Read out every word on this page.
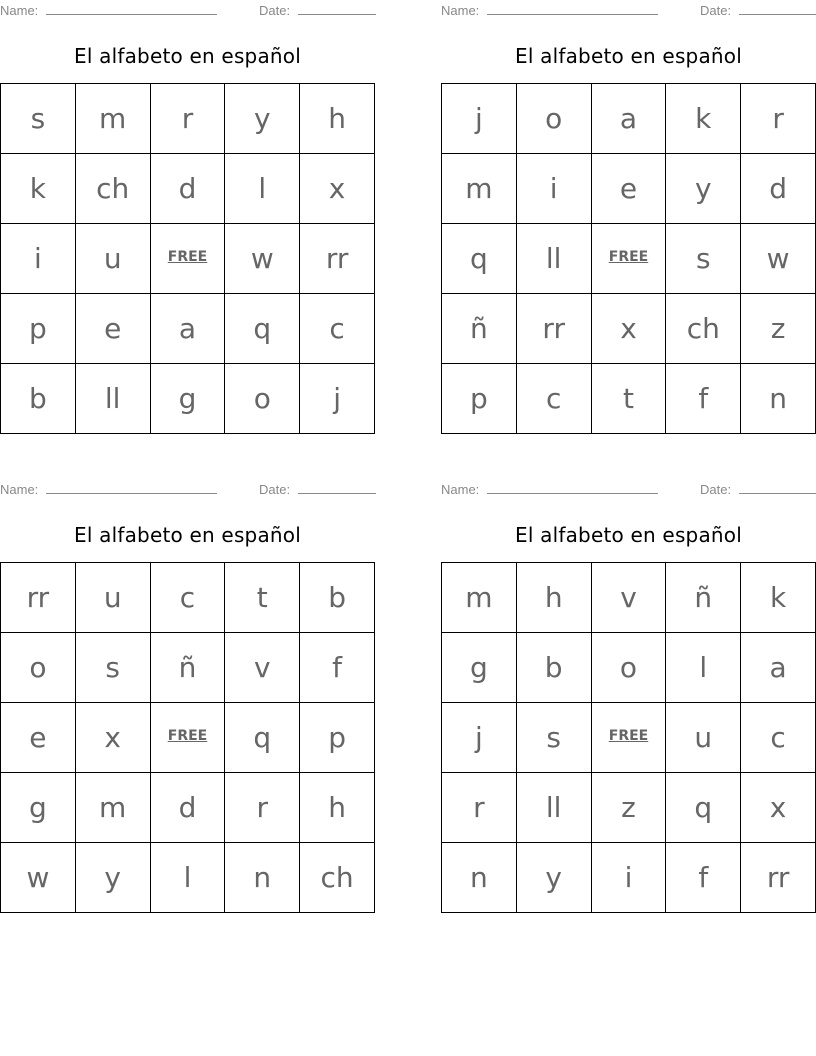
Name:	Date:
El alfabeto en español
s	m	r	y	h
k	ch	d	l	x
i	u	FREE	w	rr
p	e	a	q	c
b	ll	g	o	j
Name:	Date:
El alfabeto en español
j	o	a	k	r
m	i	e	y	d
q	ll	FREE	s	w
ñ	rr	x	ch	z
p	c	t	f	n
Name:	Date:
El alfabeto en español
rr	u	c	t	b
o	s	ñ	v	f
e	x	FREE	q	p
g	m	d	r	h
w	y	l	n	ch
Name:	Date:
El alfabeto en español
m	h	v	ñ	k
g	b	o	l	a
j	s	FREE	u	c
r	ll	z	q	x
n	y	i	f	rr
